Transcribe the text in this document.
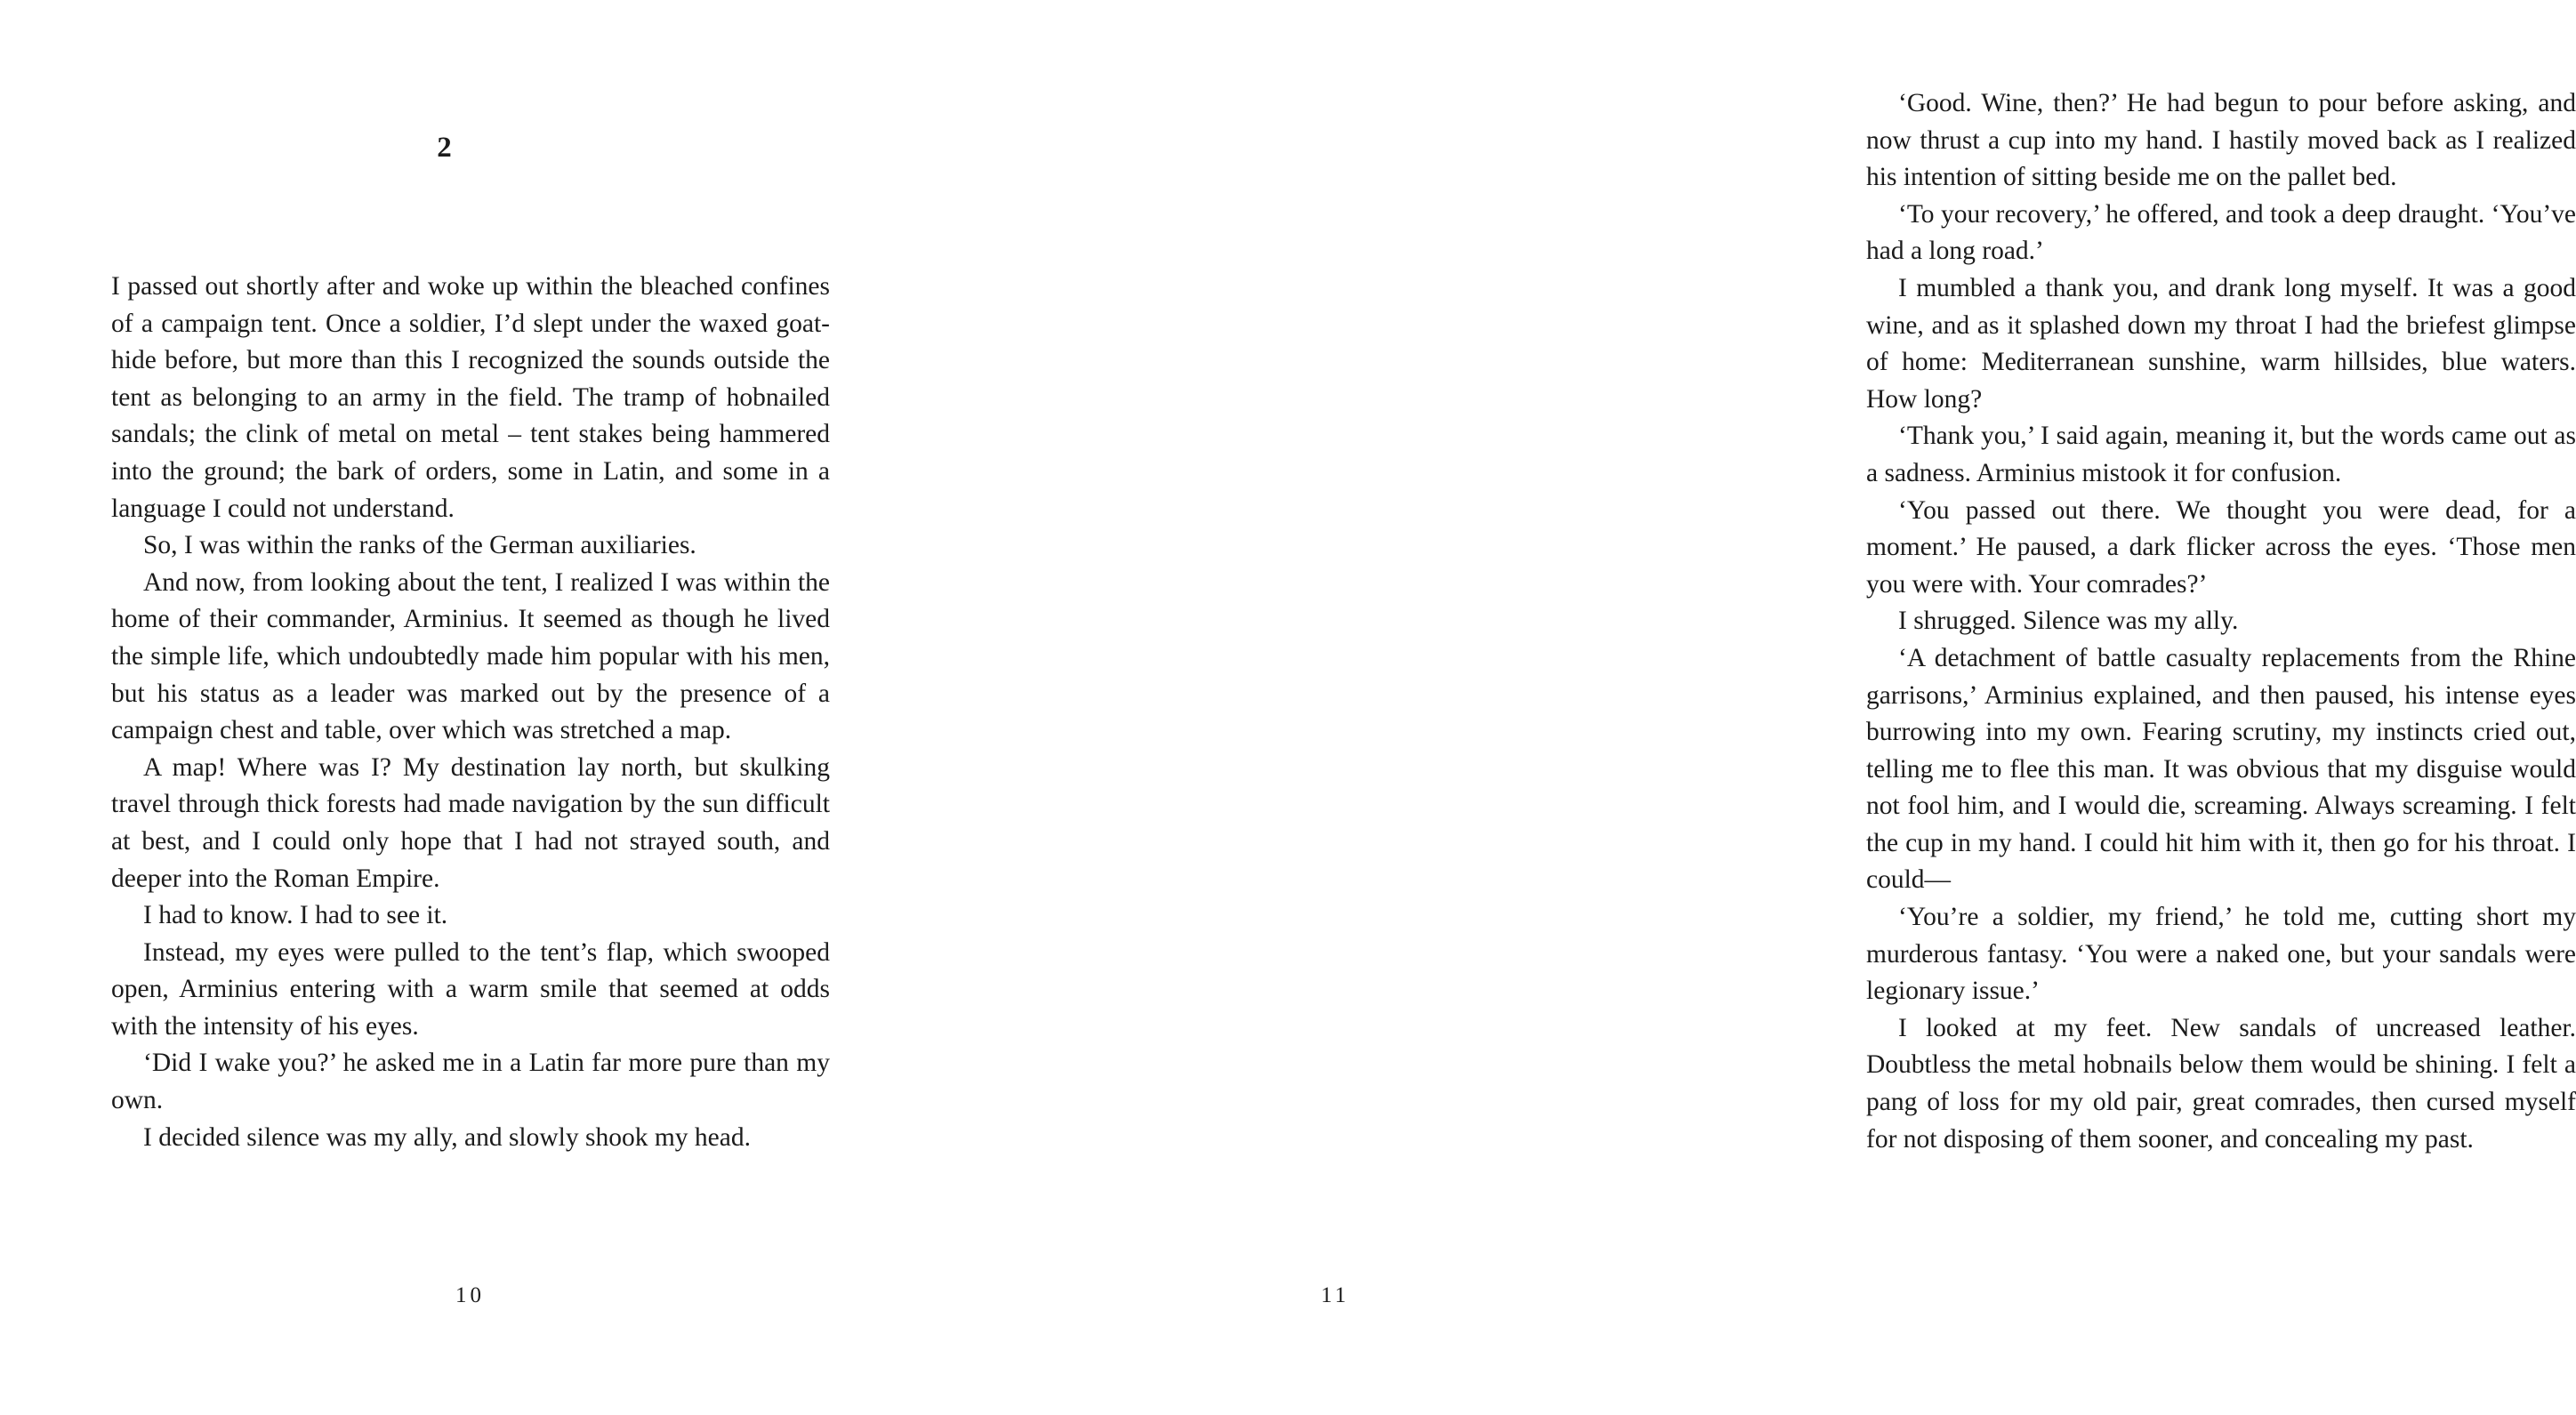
2

I passed out shortly after and woke up within the bleached confines of a campaign tent. Once a soldier, I’d slept under the waxed goat-hide before, but more than this I recognized the sounds outside the tent as belonging to an army in the field. The tramp of hobnailed sandals; the clink of metal on metal – tent stakes being hammered into the ground; the bark of orders, some in Latin, and some in a language I could not understand.

So, I was within the ranks of the German auxiliaries.

And now, from looking about the tent, I realized I was within the home of their commander, Arminius. It seemed as though he lived the simple life, which undoubtedly made him popular with his men, but his status as a leader was marked out by the presence of a campaign chest and table, over which was stretched a map.

A map! Where was I? My destination lay north, but skulking travel through thick forests had made navigation by the sun difficult at best, and I could only hope that I had not strayed south, and deeper into the Roman Empire.

I had to know. I had to see it.

Instead, my eyes were pulled to the tent’s flap, which swooped open, Arminius entering with a warm smile that seemed at odds with the intensity of his eyes.

‘Did I wake you?’ he asked me in a Latin far more pure than my own.

I decided silence was my ally, and slowly shook my head.

10

‘Good. Wine, then?’ He had begun to pour before asking, and now thrust a cup into my hand. I hastily moved back as I realized his intention of sitting beside me on the pallet bed.

‘To your recovery,’ he offered, and took a deep draught. ‘You’ve had a long road.’

I mumbled a thank you, and drank long myself. It was a good wine, and as it splashed down my throat I had the briefest glimpse of home: Mediterranean sunshine, warm hillsides, blue waters. How long?

‘Thank you,’ I said again, meaning it, but the words came out as a sadness. Arminius mistook it for confusion.

‘You passed out there. We thought you were dead, for a moment.’ He paused, a dark flicker across the eyes. ‘Those men you were with. Your comrades?’

I shrugged. Silence was my ally.

‘A detachment of battle casualty replacements from the Rhine garrisons,’ Arminius explained, and then paused, his intense eyes burrowing into my own. Fearing scrutiny, my instincts cried out, telling me to flee this man. It was obvious that my disguise would not fool him, and I would die, screaming. Always screaming. I felt the cup in my hand. I could hit him with it, then go for his throat. I could—

‘You’re a soldier, my friend,’ he told me, cutting short my murderous fantasy. ‘You were a naked one, but your sandals were legionary issue.’

I looked at my feet. New sandals of uncreased leather. Doubtless the metal hobnails below them would be shining. I felt a pang of loss for my old pair, great comrades, then cursed myself for not disposing of them sooner, and concealing my past.

11
